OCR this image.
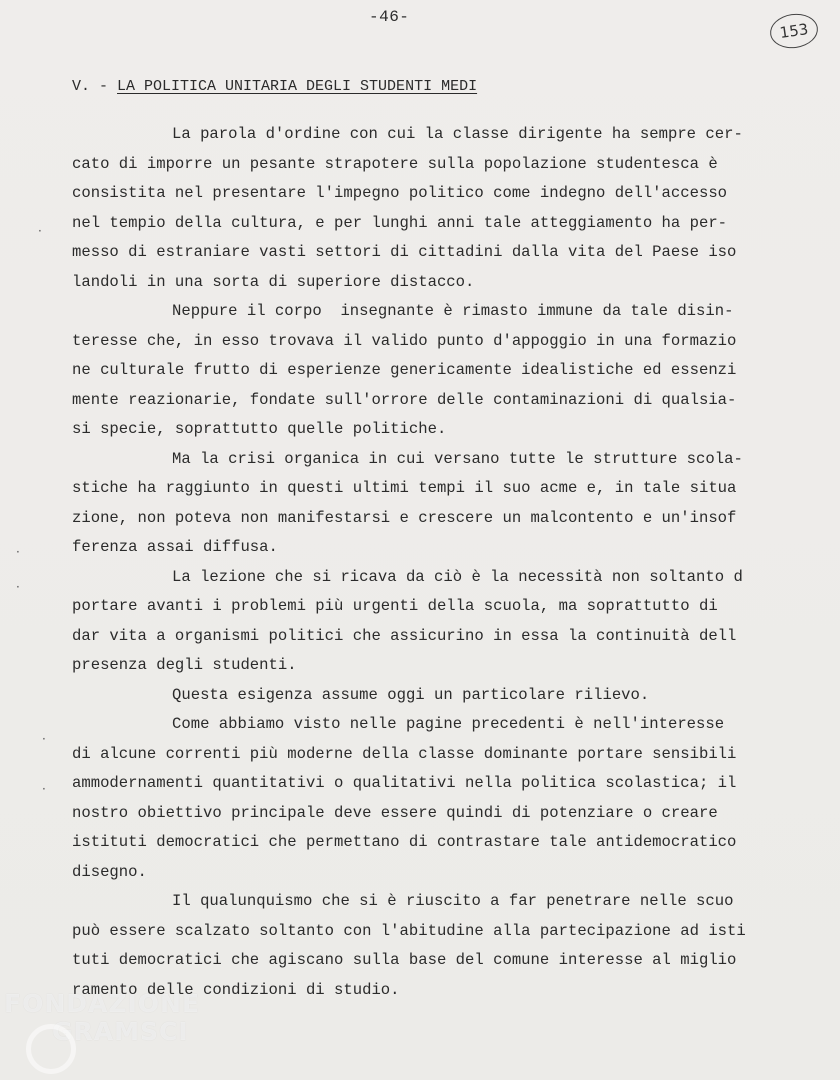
-46-
153
V. - LA POLITICA UNITARIA DEGLI STUDENTI MEDI
La parola d'ordine con cui la classe dirigente ha sempre cer-
cato di imporre un pesante strapotere sulla popolazione studentesca è
consistita nel presentare l'impegno politico come indegno dell'accesso
nel tempio della cultura, e per lunghi anni tale atteggiamento ha per-
messo di estraniare vasti settori di cittadini dalla vita del Paese iso
landoli in una sorta di superiore distacco.
Neppure il corpo  insegnante è rimasto immune da tale disin-
teresse che, in esso trovava il valido punto d'appoggio in una formazio
ne culturale frutto di esperienze genericamente idealistiche ed essenzi
mente reazionarie, fondate sull'orrore delle contaminazioni di qualsia-
si specie, soprattutto quelle politiche.
Ma la crisi organica in cui versano tutte le strutture scola-
stiche ha raggiunto in questi ultimi tempi il suo acme e, in tale situa
zione, non poteva non manifestarsi e crescere un malcontento e un'insof
ferenza assai diffusa.
La lezione che si ricava da ciò è la necessità non soltanto d
portare avanti i problemi più urgenti della scuola, ma soprattutto di
dar vita a organismi politici che assicurino in essa la continuità dell
presenza degli studenti.
Questa esigenza assume oggi un particolare rilievo.
Come abbiamo visto nelle pagine precedenti è nell'interesse
di alcune correnti più moderne della classe dominante portare sensibili
ammodernamenti quantitativi o qualitativi nella politica scolastica; il
nostro obiettivo principale deve essere quindi di potenziare o creare
istituti democratici che permettano di contrastare tale antidemocratico
disegno.
Il qualunquismo che si è riuscito a far penetrare nelle scuo
può essere scalzato soltanto con l'abitudine alla partecipazione ad isti
tuti democratici che agiscano sulla base del comune interesse al miglio
ramento delle condizioni di studio.
·
·
·
·
·
FONDAZIONE
GRAMSCI
